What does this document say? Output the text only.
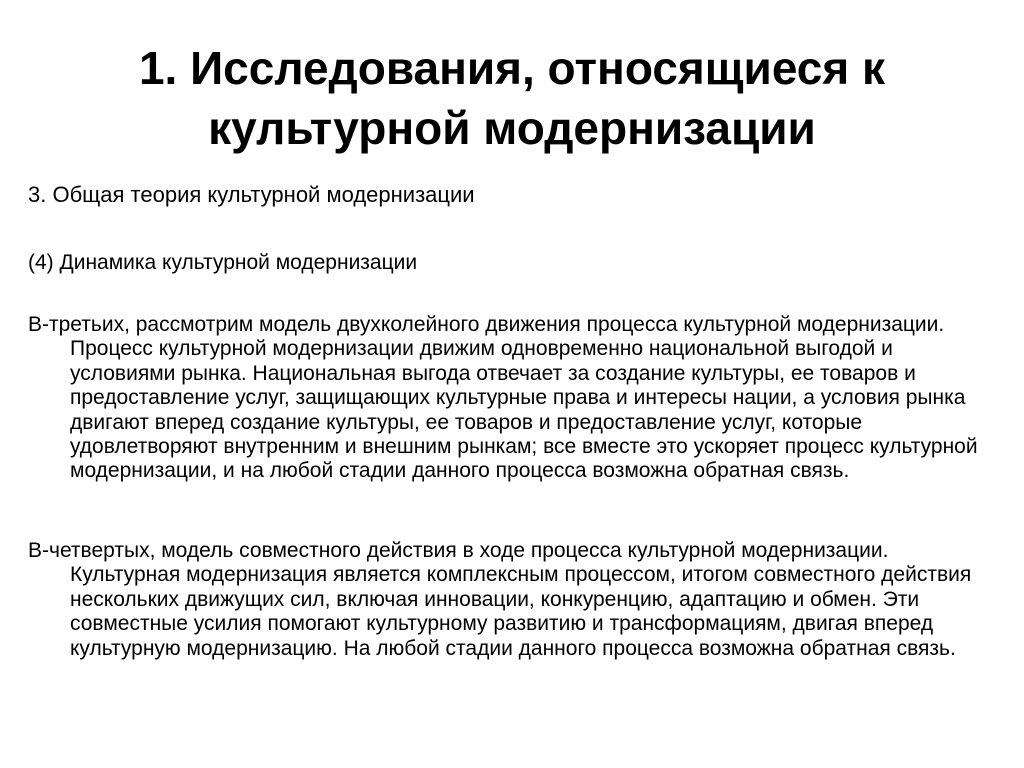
1. Исследования, относящиеся к культурной модернизации

3. Общая теория культурной модернизации

(4) Динамика культурной модернизации

В-третьих, рассмотрим модель двухколейного движения процесса культурной модернизации. Процесс культурной модернизации движим одновременно национальной выгодой и условиями рынка. Национальная выгода отвечает за создание культуры, ее товаров и предоставление услуг, защищающих культурные права и интересы нации, а условия рынка двигают вперед создание культуры, ее товаров и предоставление услуг, которые удовлетворяют внутренним и внешним рынкам; все вместе это ускоряет процесс культурной модернизации, и на любой стадии данного процесса возможна обратная связь.

В-четвертых, модель совместного действия в ходе процесса культурной модернизации. Культурная модернизация является комплексным процессом, итогом совместного действия нескольких движущих сил, включая инновации, конкуренцию, адаптацию и обмен. Эти совместные усилия помогают культурному развитию и трансформациям, двигая вперед культурную модернизацию. На любой стадии данного процесса возможна обратная связь.
